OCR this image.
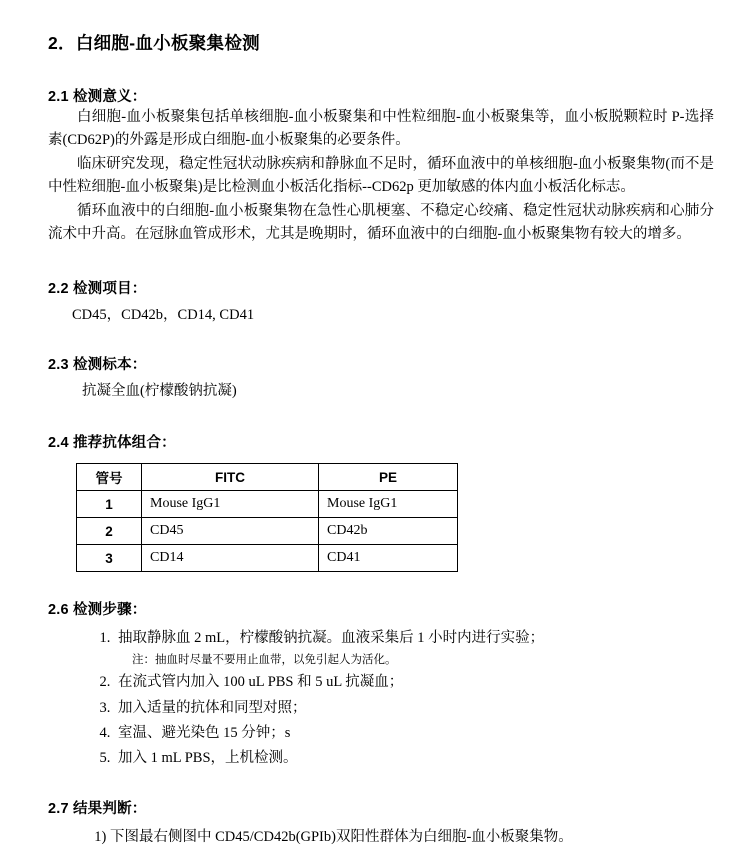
2．白细胞-血小板聚集检测
2.1 检测意义：

白细胞-血小板聚集包括单核细胞-血小板聚集和中性粒细胞-血小板聚集等，血小板脱颗粒时 P-选择素(CD62P)的外露是形成白细胞-血小板聚集的必要条件。

临床研究发现，稳定性冠状动脉疾病和静脉血不足时，循环血液中的单核细胞-血小板聚集物(而不是中性粒细胞-血小板聚集)是比检测血小板活化指标--CD62p 更加敏感的体内血小板活化标志。

循环血液中的白细胞-血小板聚集物在急性心肌梗塞、不稳定心绞痛、稳定性冠状动脉疾病和心肺分流术中升高。在冠脉血管成形术，尤其是晚期时，循环血液中的白细胞-血小板聚集物有较大的增多。

2.2 检测项目：

CD45，CD42b，CD14, CD41

2.3 检测标本：

抗凝全血(柠檬酸钠抗凝)

2.4 推荐抗体组合：
管号	FITC	PE
1	Mouse IgG1	Mouse IgG1
2	CD45	CD42b
3	CD14	CD41
2.6 检测步骤：
1. 抽取静脉血 2 mL，柠檬酸钠抗凝。血液采集后 1 小时内进行实验；
注：抽血时尽量不要用止血带，以免引起人为活化。
2. 在流式管内加入 100 uL PBS 和 5 uL 抗凝血；
3. 加入适量的抗体和同型对照；
4. 室温、避光染色 15 分钟；s
5. 加入 1 mL PBS，上机检测。
2.7 结果判断：
1. 下图最右侧图中 CD45/CD42b(GPIb)双阳性群体为白细胞-血小板聚集物。
